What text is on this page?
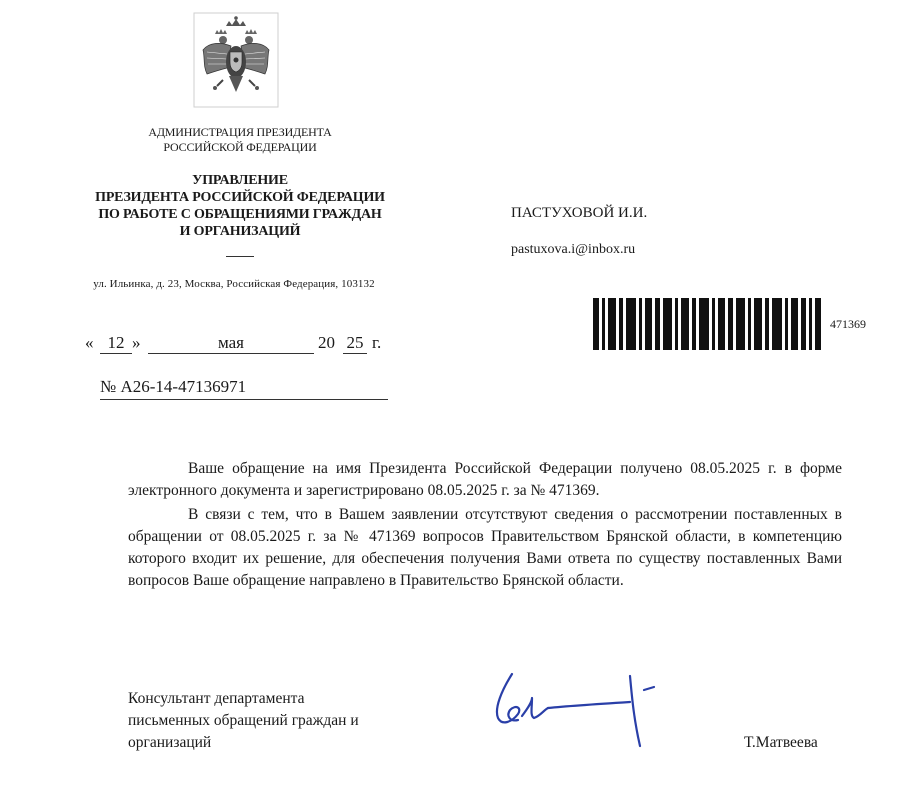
АДМИНИСТРАЦИЯ ПРЕЗИДЕНТА
РОССИЙСКОЙ ФЕДЕРАЦИИ
УПРАВЛЕНИЕ
ПРЕЗИДЕНТА РОССИЙСКОЙ ФЕДЕРАЦИИ
ПО РАБОТЕ С ОБРАЩЕНИЯМИ ГРАЖДАН
И ОРГАНИЗАЦИЙ
ул. Ильинка, д. 23, Москва, Российская Федерация, 103132
ПАСТУХОВОЙ И.И.
pastuxova.i@inbox.ru
471369
« 12 »	мая	20 25 г.
№ А26-14-47136971

Ваше обращение на имя Президента Российской Федерации получено 08.05.2025 г. в форме электронного документа и зарегистрировано 08.05.2025 г. за № 471369.

В связи с тем, что в Вашем заявлении отсутствуют сведения о рассмотрении поставленных в обращении от 08.05.2025 г. за № 471369 вопросов Правительством Брянской области, в компетенцию которого входит их решение, для обеспечения получения Вами ответа по существу поставленных Вами вопросов Ваше обращение направлено в Правительство Брянской области.

Консультант департамента
письменных обращений граждан и
организаций	Т.Матвеева
